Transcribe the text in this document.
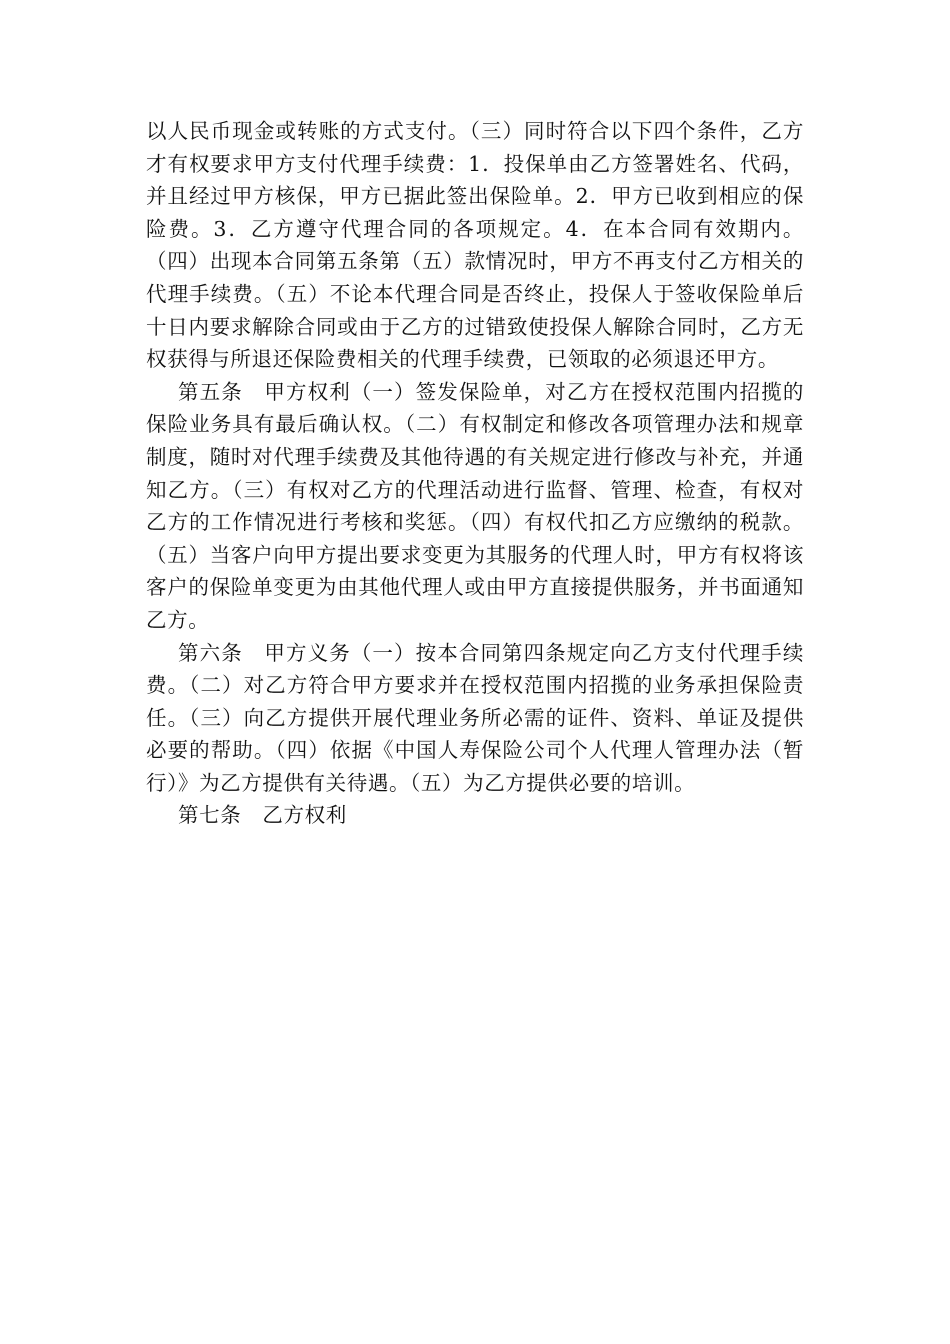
以人民币现金或转账的方式支付。（三）同时符合以下四个条件，乙方才有权要求甲方支付代理手续费：1．投保单由乙方签署姓名、代码，并且经过甲方核保，甲方已据此签出保险单。2．甲方已收到相应的保险费。3．乙方遵守代理合同的各项规定。4．在本合同有效期内。（四）出现本合同第五条第（五）款情况时，甲方不再支付乙方相关的代理手续费。（五）不论本代理合同是否终止，投保人于签收保险单后十日内要求解除合同或由于乙方的过错致使投保人解除合同时，乙方无权获得与所退还保险费相关的代理手续费，已领取的必须退还甲方。

第五条　甲方权利（一）签发保险单，对乙方在授权范围内招揽的保险业务具有最后确认权。（二）有权制定和修改各项管理办法和规章制度，随时对代理手续费及其他待遇的有关规定进行修改与补充，并通知乙方。（三）有权对乙方的代理活动进行监督、管理、检查，有权对乙方的工作情况进行考核和奖惩。（四）有权代扣乙方应缴纳的税款。（五）当客户向甲方提出要求变更为其服务的代理人时，甲方有权将该客户的保险单变更为由其他代理人或由甲方直接提供服务，并书面通知乙方。

第六条　甲方义务（一）按本合同第四条规定向乙方支付代理手续费。（二）对乙方符合甲方要求并在授权范围内招揽的业务承担保险责任。（三）向乙方提供开展代理业务所必需的证件、资料、单证及提供必要的帮助。（四）依据《中国人寿保险公司个人代理人管理办法（暂行）》为乙方提供有关待遇。（五）为乙方提供必要的培训。

第七条　乙方权利
